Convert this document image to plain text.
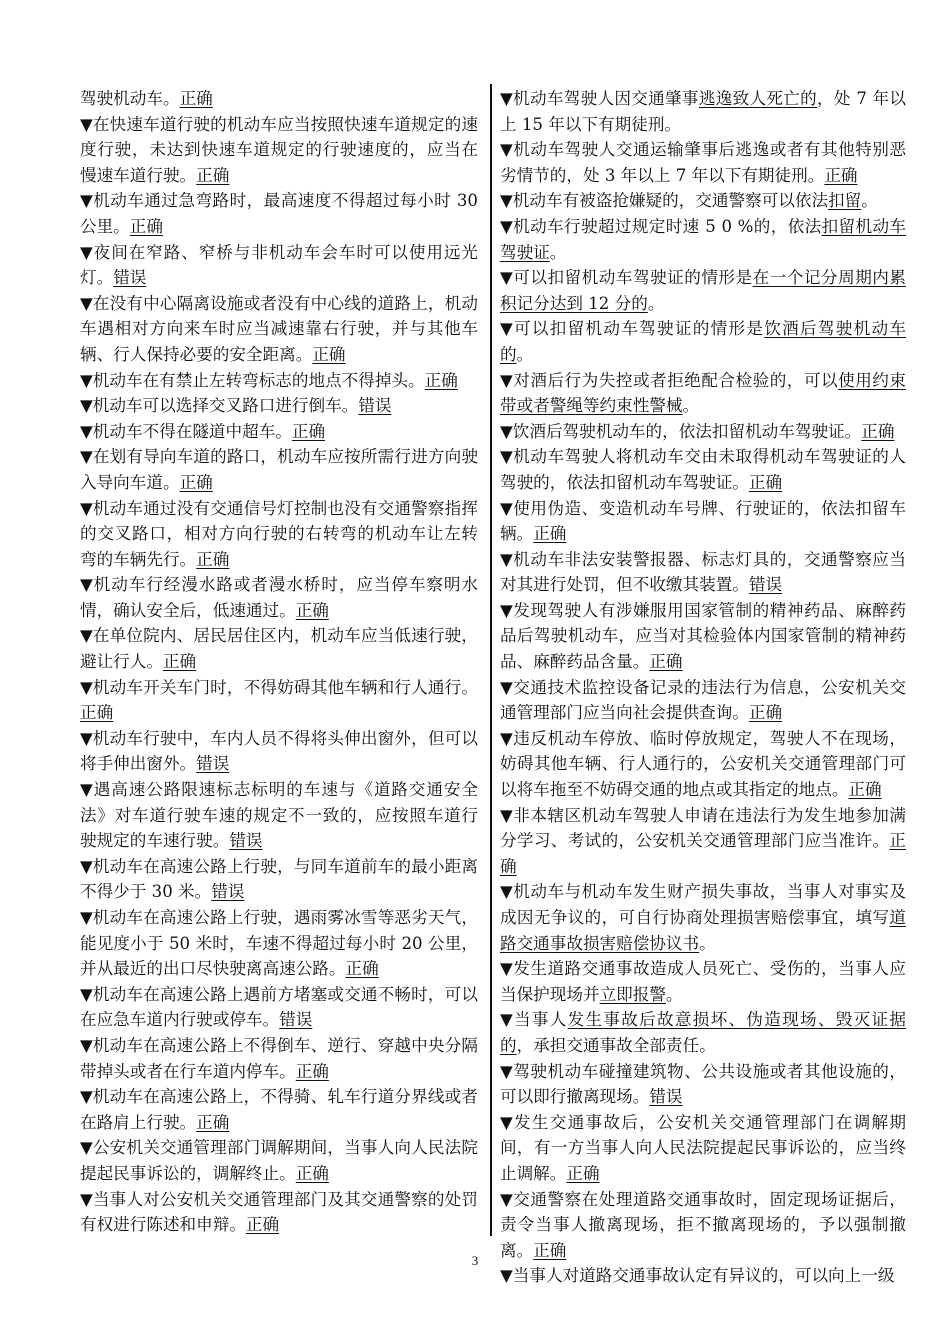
驾驶机动车。正确

▼在快速车道行驶的机动车应当按照快速车道规定的速度行驶，未达到快速车道规定的行驶速度的，应当在慢速车道行驶。正确

▼机动车通过急弯路时，最高速度不得超过每小时 30 公里。正确

▼夜间在窄路、窄桥与非机动车会车时可以使用远光灯。错误

▼在没有中心隔离设施或者没有中心线的道路上，机动车遇相对方向来车时应当减速靠右行驶，并与其他车辆、行人保持必要的安全距离。正确

▼机动车在有禁止左转弯标志的地点不得掉头。正确

▼机动车可以选择交叉路口进行倒车。错误

▼机动车不得在隧道中超车。正确

▼在划有导向车道的路口，机动车应按所需行进方向驶入导向车道。正确

▼机动车通过没有交通信号灯控制也没有交通警察指挥的交叉路口，相对方向行驶的右转弯的机动车让左转弯的车辆先行。正确

▼机动车行经漫水路或者漫水桥时，应当停车察明水情，确认安全后，低速通过。正确

▼在单位院内、居民居住区内，机动车应当低速行驶，避让行人。正确

▼机动车开关车门时，不得妨碍其他车辆和行人通行。正确

▼机动车行驶中，车内人员不得将头伸出窗外，但可以将手伸出窗外。错误

▼遇高速公路限速标志标明的车速与《道路交通安全法》对车道行驶车速的规定不一致的，应按照车道行驶规定的车速行驶。错误

▼机动车在高速公路上行驶，与同车道前车的最小距离不得少于 30 米。错误

▼机动车在高速公路上行驶，遇雨雾冰雪等恶劣天气，能见度小于 50 米时，车速不得超过每小时 20 公里，并从最近的出口尽快驶离高速公路。正确

▼机动车在高速公路上遇前方堵塞或交通不畅时，可以在应急车道内行驶或停车。错误

▼机动车在高速公路上不得倒车、逆行、穿越中央分隔带掉头或者在行车道内停车。正确

▼机动车在高速公路上，不得骑、轧车行道分界线或者在路肩上行驶。正确

▼公安机关交通管理部门调解期间，当事人向人民法院提起民事诉讼的，调解终止。正确

▼当事人对公安机关交通管理部门及其交通警察的处罚有权进行陈述和申辩。正确

▼机动车驾驶人因交通肇事逃逸致人死亡的，处 7 年以上 15 年以下有期徒刑。

▼机动车驾驶人交通运输肇事后逃逸或者有其他特别恶劣情节的，处 3 年以上 7 年以下有期徒刑。正确

▼机动车有被盗抢嫌疑的，交通警察可以依法扣留。

▼机动车行驶超过规定时速 5 0 %的，依法扣留机动车驾驶证。

▼可以扣留机动车驾驶证的情形是在一个记分周期内累积记分达到 12 分的。

▼可以扣留机动车驾驶证的情形是饮酒后驾驶机动车的。

▼对酒后行为失控或者拒绝配合检验的，可以使用约束带或者警绳等约束性警械。

▼饮酒后驾驶机动车的，依法扣留机动车驾驶证。正确

▼机动车驾驶人将机动车交由未取得机动车驾驶证的人驾驶的，依法扣留机动车驾驶证。正确

▼使用伪造、变造机动车号牌、行驶证的，依法扣留车辆。正确

▼机动车非法安装警报器、标志灯具的，交通警察应当对其进行处罚，但不收缴其装置。错误

▼发现驾驶人有涉嫌服用国家管制的精神药品、麻醉药品后驾驶机动车，应当对其检验体内国家管制的精神药品、麻醉药品含量。正确

▼交通技术监控设备记录的违法行为信息，公安机关交通管理部门应当向社会提供查询。正确

▼违反机动车停放、临时停放规定，驾驶人不在现场，妨碍其他车辆、行人通行的，公安机关交通管理部门可以将车拖至不妨碍交通的地点或其指定的地点。正确

▼非本辖区机动车驾驶人申请在违法行为发生地参加满分学习、考试的，公安机关交通管理部门应当准许。正确

▼机动车与机动车发生财产损失事故，当事人对事实及成因无争议的，可自行协商处理损害赔偿事宜，填写道路交通事故损害赔偿协议书。

▼发生道路交通事故造成人员死亡、受伤的，当事人应当保护现场并立即报警。

▼当事人发生事故后故意损坏、伪造现场、毁灭证据的，承担交通事故全部责任。

▼驾驶机动车碰撞建筑物、公共设施或者其他设施的，可以即行撤离现场。错误

▼发生交通事故后，公安机关交通管理部门在调解期间，有一方当事人向人民法院提起民事诉讼的，应当终止调解。正确

▼交通警察在处理道路交通事故时，固定现场证据后，责令当事人撤离现场，拒不撤离现场的，予以强制撤离。正确

▼当事人对道路交通事故认定有异议的，可以向上一级

3
